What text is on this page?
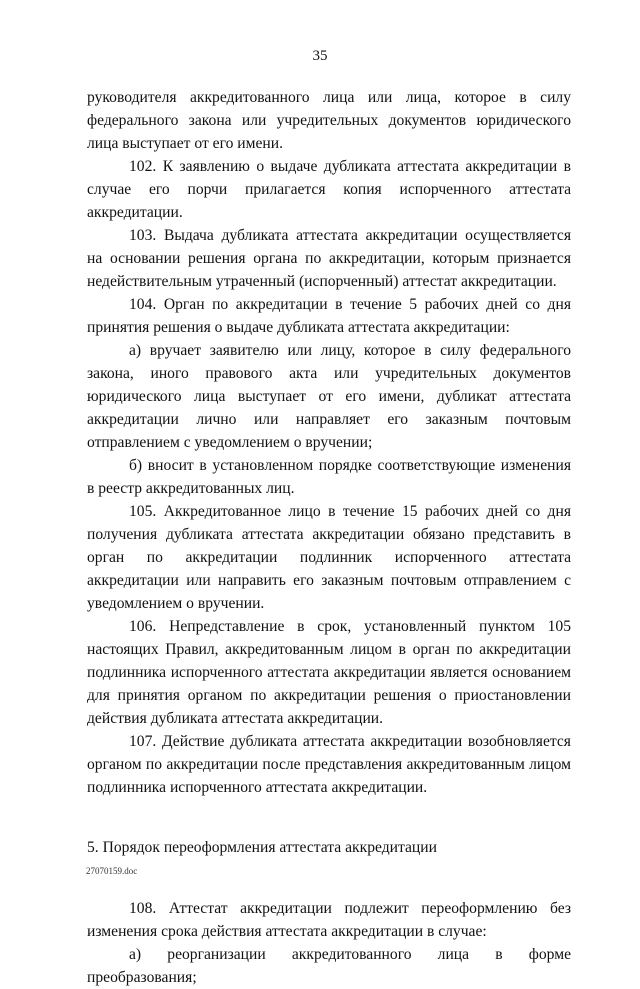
35

руководителя аккредитованного лица или лица, которое в силу федерального закона или учредительных документов юридического лица выступает от его имени.

102. К заявлению о выдаче дубликата аттестата аккредитации в случае его порчи прилагается копия испорченного аттестата аккредитации.

103. Выдача дубликата аттестата аккредитации осуществляется на основании решения органа по аккредитации, которым признается недействительным утраченный (испорченный) аттестат аккредитации.

104. Орган по аккредитации в течение 5 рабочих дней со дня принятия решения о выдаче дубликата аттестата аккредитации:

а) вручает заявителю или лицу, которое в силу федерального закона, иного правового акта или учредительных документов юридического лица выступает от его имени, дубликат аттестата аккредитации лично или направляет его заказным почтовым отправлением с уведомлением о вручении;

б) вносит в установленном порядке соответствующие изменения в реестр аккредитованных лиц.

105. Аккредитованное лицо в течение 15 рабочих дней со дня получения дубликата аттестата аккредитации обязано представить в орган по аккредитации подлинник испорченного аттестата аккредитации или направить его заказным почтовым отправлением с уведомлением о вручении.

106. Непредставление в срок, установленный пунктом 105 настоящих Правил, аккредитованным лицом в орган по аккредитации подлинника испорченного аттестата аккредитации является основанием для принятия органом по аккредитации решения о приостановлении действия дубликата аттестата аккредитации.

107. Действие дубликата аттестата аккредитации возобновляется органом по аккредитации после представления аккредитованным лицом подлинника испорченного аттестата аккредитации.

5. Порядок переоформления аттестата аккредитации

108. Аттестат аккредитации подлежит переоформлению без изменения срока действия аттестата аккредитации в случае:

а) реорганизации аккредитованного лица в форме преобразования;

27070159.doc
